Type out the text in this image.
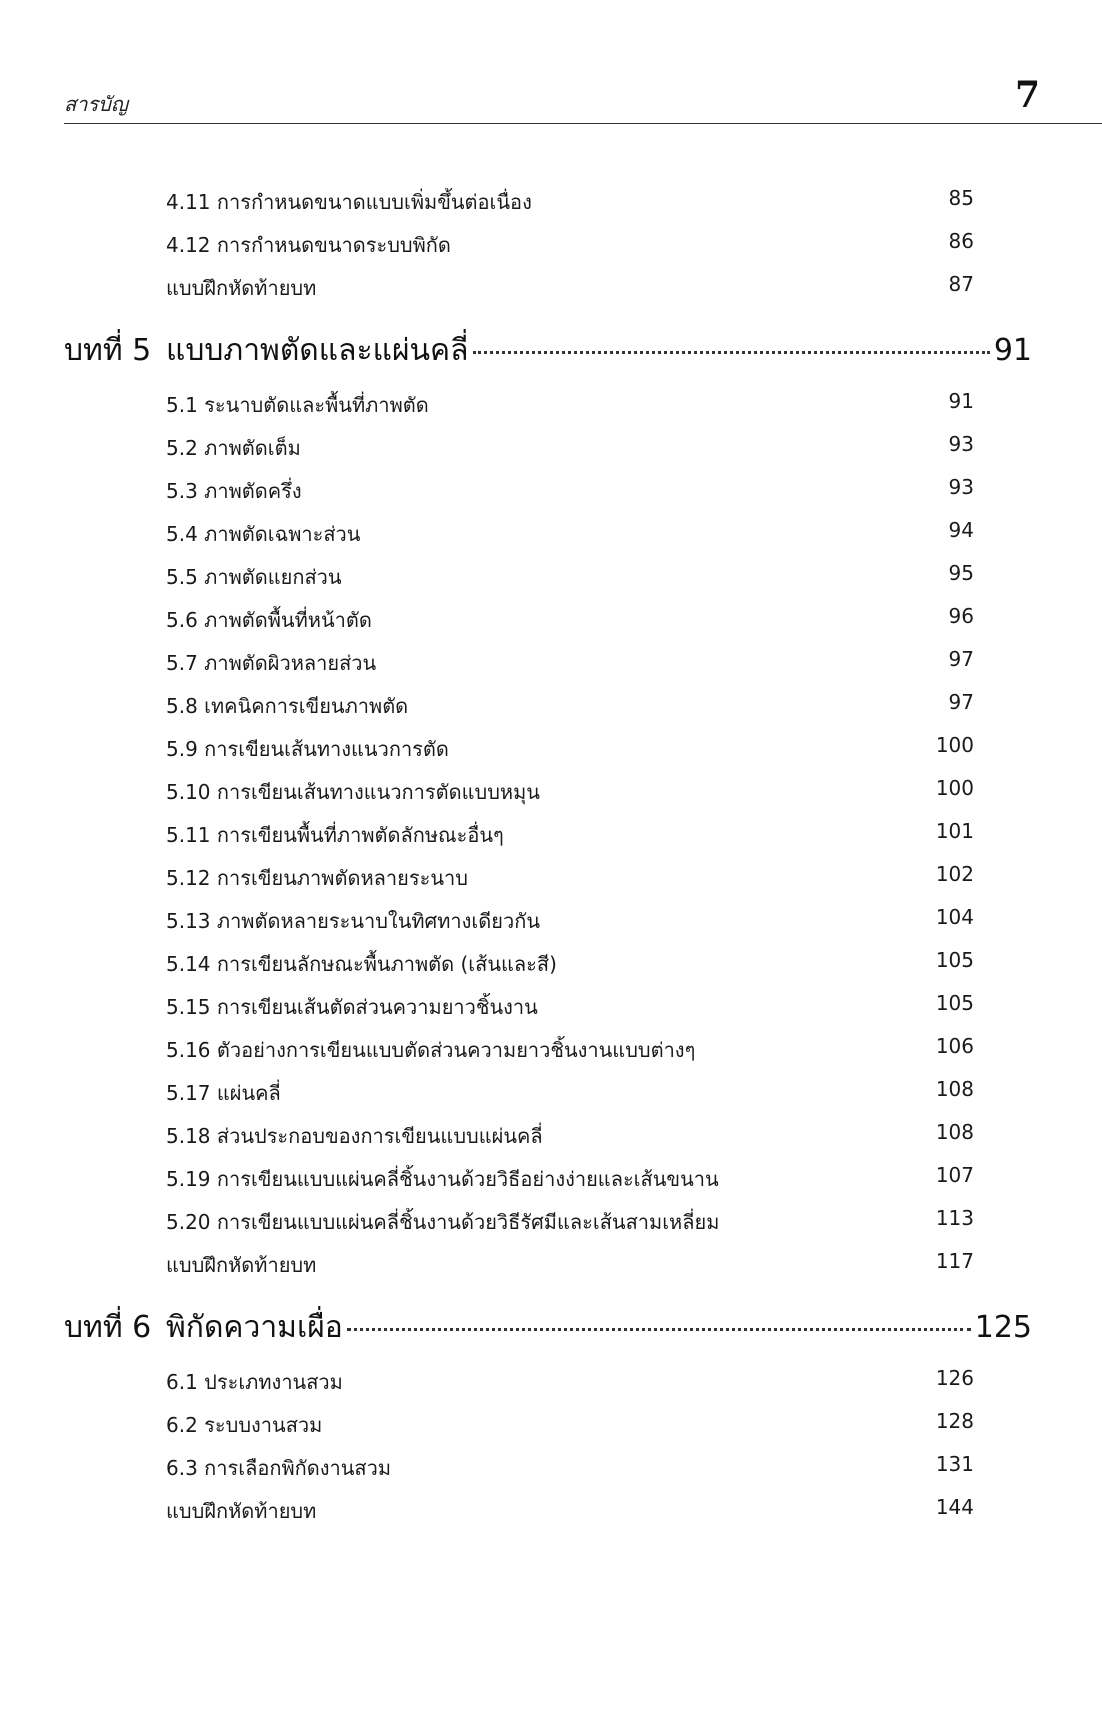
สารบัญ	7
4.11 การกำหนดขนาดแบบเพิ่มขึ้นต่อเนื่อง	85
4.12 การกำหนดขนาดระบบพิกัด	86
แบบฝึกหัดท้ายบท	87
บทที่ 5 แบบภาพตัดและแผ่นคลี่	91
5.1 ระนาบตัดและพื้นที่ภาพตัด	91
5.2 ภาพตัดเต็ม	93
5.3 ภาพตัดครึ่ง	93
5.4 ภาพตัดเฉพาะส่วน	94
5.5 ภาพตัดแยกส่วน	95
5.6 ภาพตัดพื้นที่หน้าตัด	96
5.7 ภาพตัดผิวหลายส่วน	97
5.8 เทคนิคการเขียนภาพตัด	97
5.9 การเขียนเส้นทางแนวการตัด	100
5.10 การเขียนเส้นทางแนวการตัดแบบหมุน	100
5.11 การเขียนพื้นที่ภาพตัดลักษณะอื่นๆ	101
5.12 การเขียนภาพตัดหลายระนาบ	102
5.13 ภาพตัดหลายระนาบในทิศทางเดียวกัน	104
5.14 การเขียนลักษณะพื้นภาพตัด (เส้นและสี)	105
5.15 การเขียนเส้นตัดส่วนความยาวชิ้นงาน	105
5.16 ตัวอย่างการเขียนแบบตัดส่วนความยาวชิ้นงานแบบต่างๆ	106
5.17 แผ่นคลี่	108
5.18 ส่วนประกอบของการเขียนแบบแผ่นคลี่	108
5.19 การเขียนแบบแผ่นคลี่ชิ้นงานด้วยวิธีอย่างง่ายและเส้นขนาน	107
5.20 การเขียนแบบแผ่นคลี่ชิ้นงานด้วยวิธีรัศมีและเส้นสามเหลี่ยม	113
แบบฝึกหัดท้ายบท	117
บทที่ 6 พิกัดความเผื่อ	125
6.1 ประเภทงานสวม	126
6.2 ระบบงานสวม	128
6.3 การเลือกพิกัดงานสวม	131
แบบฝึกหัดท้ายบท	144
